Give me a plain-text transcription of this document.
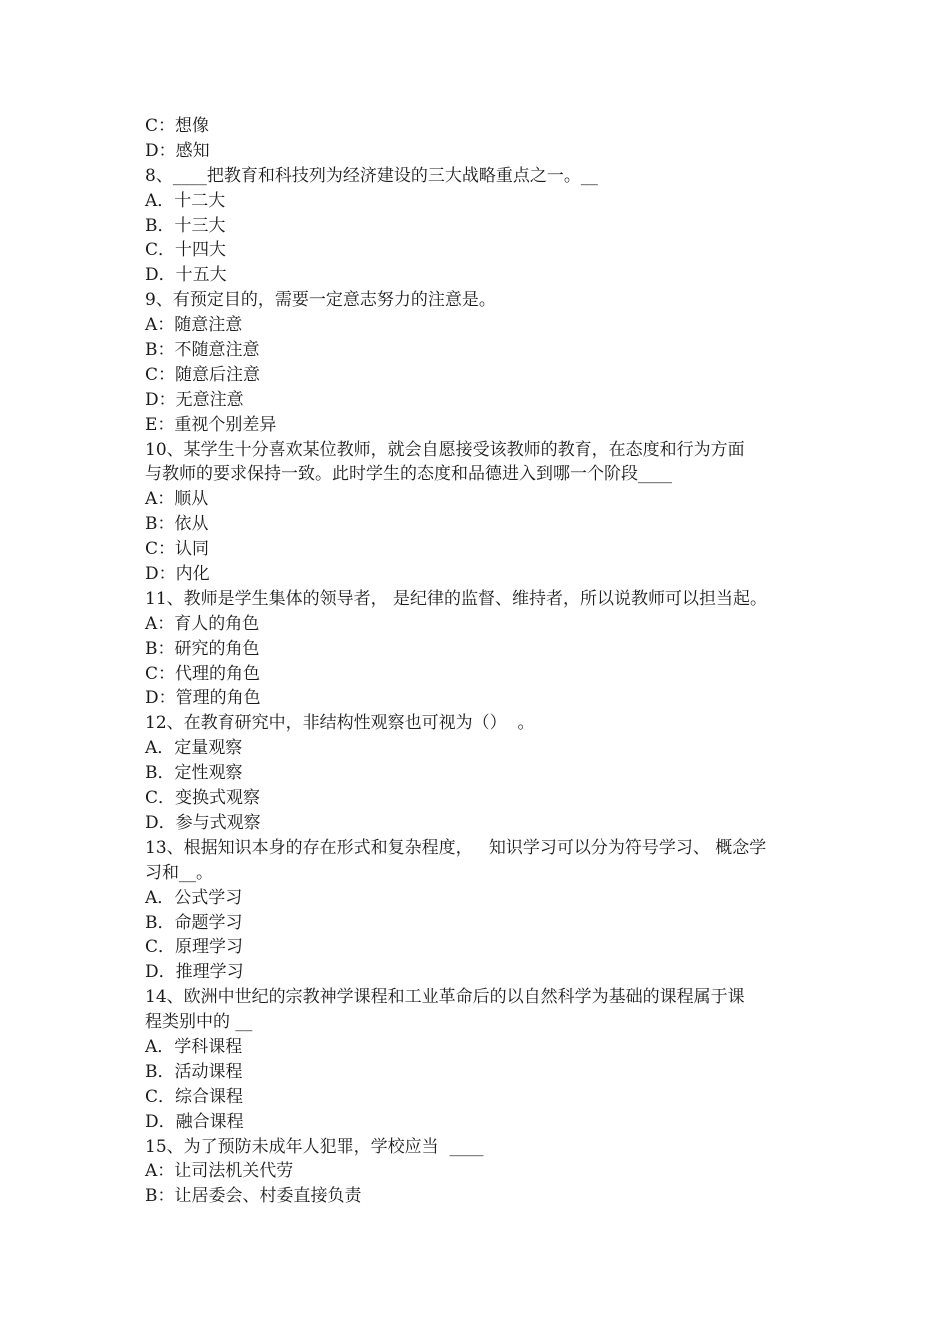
C：想像
D：感知
8、____把教育和科技列为经济建设的三大战略重点之一。__
A．十二大
B．十三大
C．十四大
D．十五大
9、有预定目的，需要一定意志努力的注意是。
A：随意注意
B：不随意注意
C：随意后注意
D：无意注意
E：重视个别差异
10、某学生十分喜欢某位教师，就会自愿接受该教师的教育，在态度和行为方面
与教师的要求保持一致。此时学生的态度和品德进入到哪一个阶段____
A：顺从
B：依从
C：认同
D：内化
11、教师是学生集体的领导者， 是纪律的监督、维持者，所以说教师可以担当起。
A：育人的角色
B：研究的角色
C：代理的角色
D：管理的角色
12、在教育研究中，非结构性观察也可视为（）  。
A．定量观察
B．定性观察
C．变换式观察
D．参与式观察
13、根据知识本身的存在形式和复杂程度，   知识学习可以分为符号学习、 概念学
习和__。
A．公式学习
B．命题学习
C．原理学习
D．推理学习
14、欧洲中世纪的宗教神学课程和工业革命后的以自然科学为基础的课程属于课
程类别中的 __
A．学科课程
B．活动课程
C．综合课程
D．融合课程
15、为了预防未成年人犯罪，学校应当  ____
A：让司法机关代劳
B：让居委会、村委直接负责
